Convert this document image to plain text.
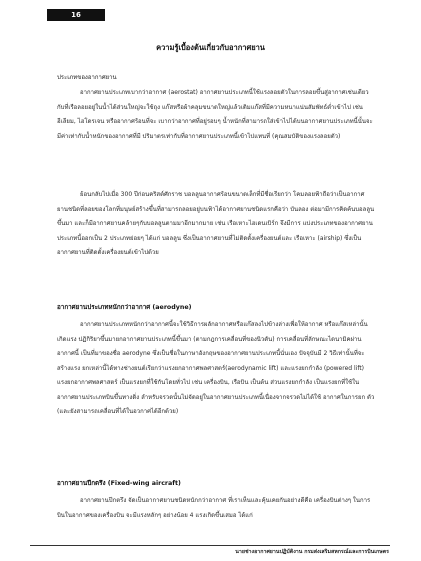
16
ความรู้เบื้องต้นเกี่ยวกับอากาศยาน
ประเภทของอากาศยาน

อากาศยานประเภทเบากว่าอากาศ (aerostat) อากาศยานประเภทนี้ใช้แรงลอยตัวในการลอยขึ้นสู่อากาศเช่นเดียวกับที่เรือลอยอยู่ในน้ำได้ส่วนใหญ่จะใช้ถุง แก๊สหรือผ้าคลุมขนาดใหญ่แล้วเติมแก๊สที่มีความหนาแน่นสัมพัทธ์ต่ำเข้าไป เช่น ฮีเลียม, ไฮโดรเจน หรืออากาศร้อนที่จะ เบากว่าอากาศที่อยู่รอบๆ น้ำหนักที่สามารถใส่เข้าไปได้บนอากาศยานประเภทนี้นั้นจะมีค่าเท่ากับน้ำหนักของอากาศที่มี ปริมาตรเท่ากับที่อากาศยานประเภทนี้เข้าไปแทนที่ (คุณสมบัติของแรงลอยตัว)

ย้อนกลับไปเมื่อ 300 ปีก่อนคริสต์ศักราช บอลลูนอากาศร้อนขนาดเล็กที่มีชื่อเรียกว่า โคมลอยฟ้าถือว่าเป็นอากาศ ยานชนิดที่ลอยของโลกที่มนุษย์สร้างขึ้นที่สามารถลอยอยู่บนฟ้าได้อากาศยานชนิดแรกคือว่า บันลอง ต่อมามีการคิดค้นบอลลูนขึ้นมา และก็มีอากาศยานคล้ายๆกับบอลลูนตามมาอีกมากมาย เช่น เรือเหาะไฮเดนเบิร์ก จึงมีการ แบ่งประเภทของอากาศยานประเภทนี้ออกเป็น 2 ประเภทย่อยๆ ได้แก่ บอลลูน ซึ่งเป็นอากาศยานที่ไม่ติดตั้งเครื่องยนต์และ เรือเหาะ (airship) ซึ่งเป็นอากาศยานที่ติดตั้งเครื่องยนต์เข้าไปด้วย

อากาศยานประเภทหนักกว่าอากาศ (aerodyne)

อากาศยานประเภทหนักกว่าอากาศนี้จะใช้วิธีการผลักอากาศหรือแก๊สลงไปข้างล่างเพื่อให้อากาศ หรือแก๊สเหล่านั้นเกิดแรง ปฏิกิริยาขึ้นมายกอากาศยานประเภทนี้ขึ้นมา (ตามกฎการเคลื่อนที่ของนิวตัน) การเคลื่อนที่ลักษณะไดนามิคผ่านอากาศนี้ เป็นที่มาของชื่อ aerodyne ซึ่งเป็นชื่อในภาษาอังกฤษของอากาศยานประเภทนี้นั่นเอง ปัจจุบันมี 2 วิธีเท่านั้นที่จะสร้างแรง ยกเหล่านี้ได้ทางช่างยนต์เรียกว่าแรงยกอากาศพลศาสตร์(aerodynamic lift) และแรงยกกำลัง (powered lift) แรงยกอากาศพลศาสตร์ เป็นแรงยกที่ใช้กันโดยทั่วไป เช่น เครื่องบิน, เรือบิน เป็นต้น ส่วนแรงยกกำลัง เป็นแรงยกที่ใช้ในอากาศยานประเภทบินขึ้นทางดิ่ง ลำหรับจรวดนั้นไม่จัดอยู่ในอากาศยานประเภทนี้เนื่องจากจรวดไม่ได้ใช้ อากาศในการยก ตัว (และยังสามารถเคลื่อนที่ได้ในอวกาศได้อีกด้วย)

อากาศยานปีกตรึง (Fixed-wing aircraft)

อากาศยานปีกตรึง จัดเป็นอากาศยานชนิดหนักกว่าอากาศ ที่เราเห็นและคุ้นเคยกันอย่างดีคือ เครื่องบินต่างๆ ในการบินในอากาศของเครื่องบิน จะมีแรงหลักๆ อย่างน้อย 4 แรงเกิดขึ้นเสมอ ได้แก่

นายช่างอากาศยานปฏิบัติงาน กรมส่งเสริมสหกรณ์และการบินเกษตร
